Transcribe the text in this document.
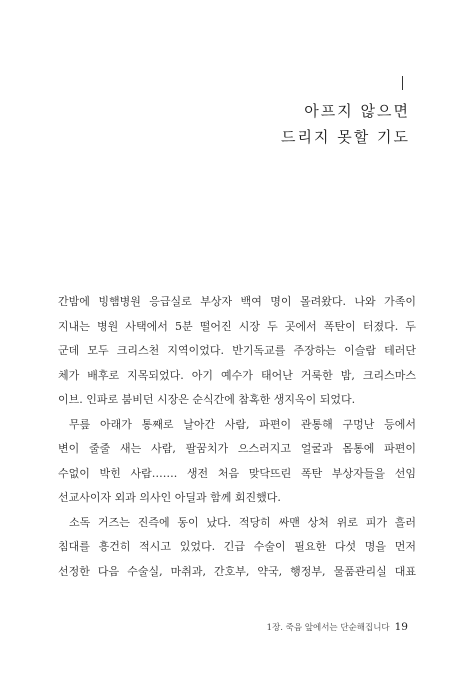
아프지 않으면
드리지 못할 기도
간밤에 빙햄병원 응급실로 부상자 백여 명이 몰려왔다. 나와 가족이
지내는 병원 사택에서 5분 떨어진 시장 두 곳에서 폭탄이 터졌다. 두
군데 모두 크리스천 지역이었다. 반기독교를 주장하는 이슬람 테러단
체가 배후로 지목되었다. 아기 예수가 태어난 거룩한 밤, 크리스마스
이브. 인파로 붐비던 시장은 순식간에 참혹한 생지옥이 되었다.
무릎 아래가 통째로 날아간 사람, 파편이 관통해 구멍난 등에서
변이 줄줄 새는 사람, 팔꿈치가 으스러지고 얼굴과 몸통에 파편이
수없이 박힌 사람……. 생전 처음 맞닥뜨린 폭탄 부상자들을 선임
선교사이자 외과 의사인 아딜과 함께 회진했다.
소독 거즈는 진즉에 동이 났다. 적당히 싸맨 상처 위로 피가 흘러
침대를 흥건히 적시고 있었다. 긴급 수술이 필요한 다섯 명을 먼저
선정한 다음 수술실, 마취과, 간호부, 약국, 행정부, 물품관리실 대표
1장. 죽음 앞에서는 단순해집니다 19
